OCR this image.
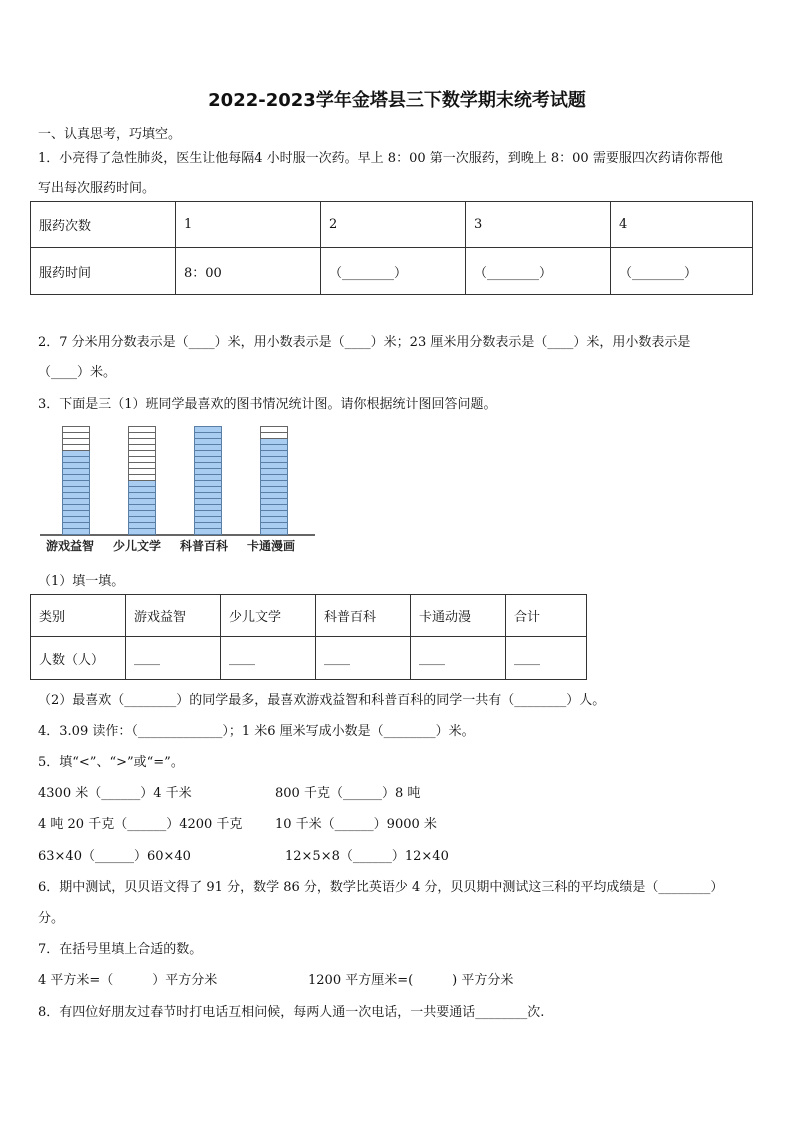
2022-2023学年金塔县三下数学期末统考试题
一、认真思考，巧填空。
1．小亮得了急性肺炎，医生让他每隔4 小时服一次药。早上 8：00 第一次服药，到晚上 8：00 需要服四次药请你帮他
写出每次服药时间。
服药次数	1	2	3	4
服药时间	8：00	（________）	（________）	（________）
2．7 分米用分数表示是（____）米，用小数表示是（____）米；23 厘米用分数表示是（____）米，用小数表示是
（____）米。
3．下面是三（1）班同学最喜欢的图书情况统计图。请你根据统计图回答问题。
游戏益智 少儿文学 科普百科 卡通漫画
（1）填一填。
类别	游戏益智	少儿文学	科普百科	卡通动漫	合计
人数（人）	____	____	____	____	____
（2）最喜欢（________）的同学最多，最喜欢游戏益智和科普百科的同学一共有（________）人。
4．3.09 读作：（_____________）；1 米6 厘米写成小数是（________）米。
5．填“<”、“>”或“=”。
4300 米（______）4 千米	800 千克（______）8 吨
4 吨 20 千克（______）4200 千克	10 千米（______）9000 米
63×40（______）60×40	12×5×8（______）12×40
6．期中测试，贝贝语文得了 91 分，数学 86 分，数学比英语少 4 分，贝贝期中测试这三科的平均成绩是（________）
分。
7．在括号里填上合适的数。
4 平方米=（　　　）平方分米	1200 平方厘米=(　　　) 平方分米
8．有四位好朋友过春节时打电话互相问候，每两人通一次电话，一共要通话________次.
